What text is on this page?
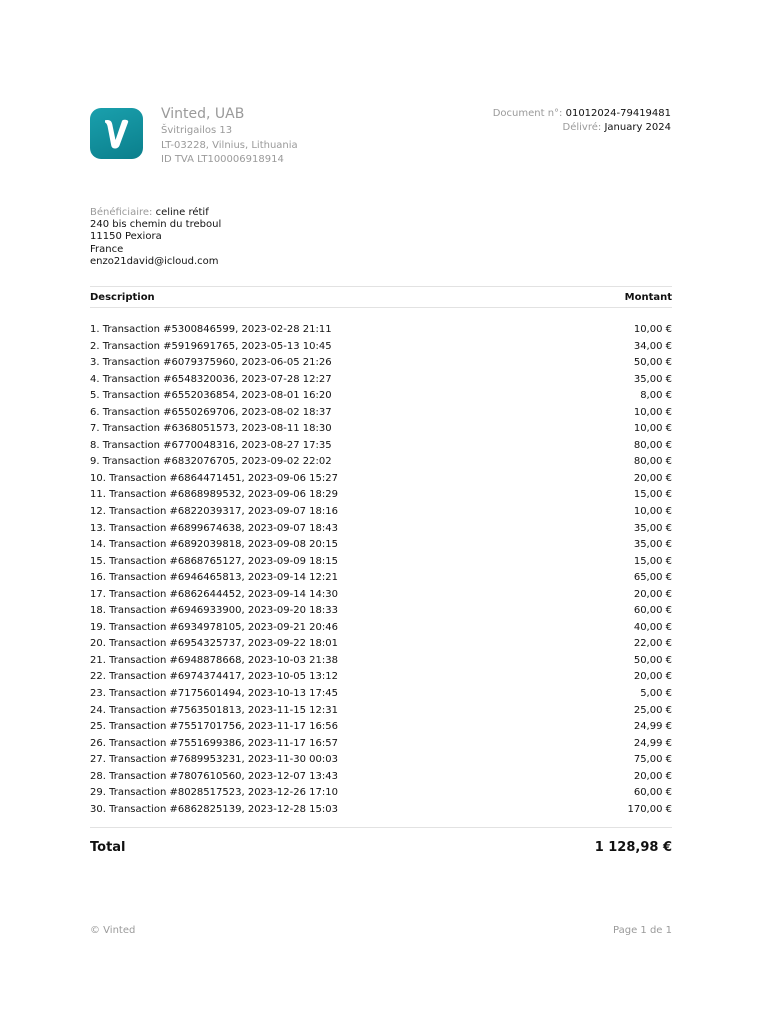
Vinted, UAB
Švitrigailos 13
LT-03228, Vilnius, Lithuania
ID TVA LT100006918914
Document n°: 01012024-79419481
Délivré: January 2024
Bénéficiaire: celine rétif
240 bis chemin du treboul
11150 Pexiora
France
enzo21david@icloud.com
Description	Montant
1. Transaction #5300846599, 2023-02-28 21:11	10,00 €
2. Transaction #5919691765, 2023-05-13 10:45	34,00 €
3. Transaction #6079375960, 2023-06-05 21:26	50,00 €
4. Transaction #6548320036, 2023-07-28 12:27	35,00 €
5. Transaction #6552036854, 2023-08-01 16:20	8,00 €
6. Transaction #6550269706, 2023-08-02 18:37	10,00 €
7. Transaction #6368051573, 2023-08-11 18:30	10,00 €
8. Transaction #6770048316, 2023-08-27 17:35	80,00 €
9. Transaction #6832076705, 2023-09-02 22:02	80,00 €
10. Transaction #6864471451, 2023-09-06 15:27	20,00 €
11. Transaction #6868989532, 2023-09-06 18:29	15,00 €
12. Transaction #6822039317, 2023-09-07 18:16	10,00 €
13. Transaction #6899674638, 2023-09-07 18:43	35,00 €
14. Transaction #6892039818, 2023-09-08 20:15	35,00 €
15. Transaction #6868765127, 2023-09-09 18:15	15,00 €
16. Transaction #6946465813, 2023-09-14 12:21	65,00 €
17. Transaction #6862644452, 2023-09-14 14:30	20,00 €
18. Transaction #6946933900, 2023-09-20 18:33	60,00 €
19. Transaction #6934978105, 2023-09-21 20:46	40,00 €
20. Transaction #6954325737, 2023-09-22 18:01	22,00 €
21. Transaction #6948878668, 2023-10-03 21:38	50,00 €
22. Transaction #6974374417, 2023-10-05 13:12	20,00 €
23. Transaction #7175601494, 2023-10-13 17:45	5,00 €
24. Transaction #7563501813, 2023-11-15 12:31	25,00 €
25. Transaction #7551701756, 2023-11-17 16:56	24,99 €
26. Transaction #7551699386, 2023-11-17 16:57	24,99 €
27. Transaction #7689953231, 2023-11-30 00:03	75,00 €
28. Transaction #7807610560, 2023-12-07 13:43	20,00 €
29. Transaction #8028517523, 2023-12-26 17:10	60,00 €
30. Transaction #6862825139, 2023-12-28 15:03	170,00 €
Total	1 128,98 €
© Vinted	Page 1 de 1
